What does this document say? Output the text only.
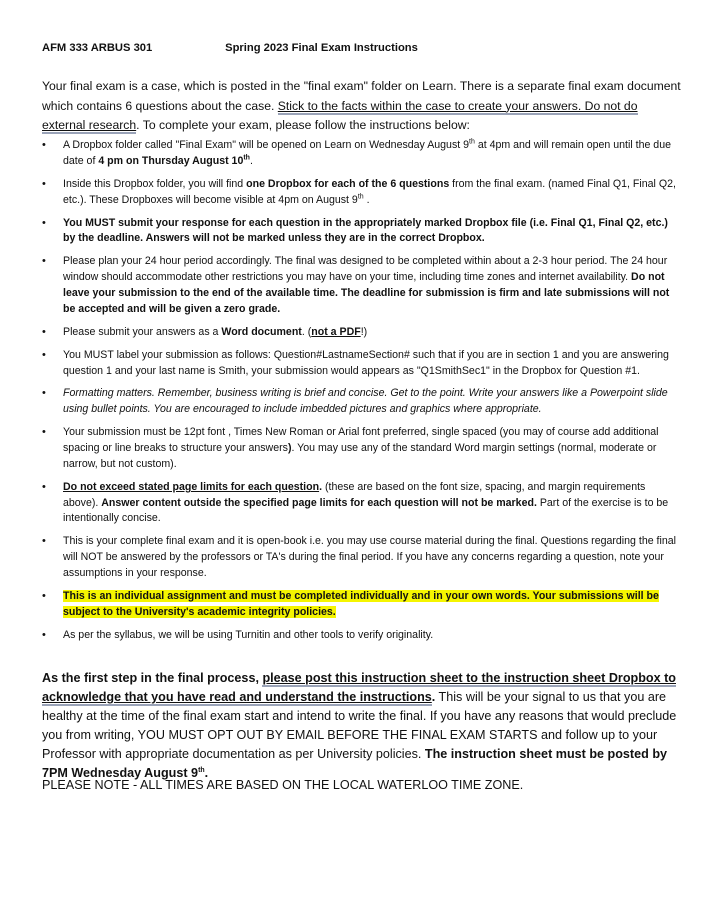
AFM 333 ARBUS 301	Spring 2023 Final Exam Instructions
Your final exam is a case, which is posted in the "final exam" folder on Learn. There is a separate final exam document which contains 6 questions about the case. Stick to the facts within the case to create your answers. Do not do external research. To complete your exam, please follow the instructions below:
• A Dropbox folder called "Final Exam" will be opened on Learn on Wednesday August 9th at 4pm and will remain open until the due date of 4 pm on Thursday August 10th.
• Inside this Dropbox folder, you will find one Dropbox for each of the 6 questions from the final exam. (named Final Q1, Final Q2, etc.). These Dropboxes will become visible at 4pm on August 9th .
• You MUST submit your response for each question in the appropriately marked Dropbox file (i.e. Final Q1, Final Q2, etc.) by the deadline. Answers will not be marked unless they are in the correct Dropbox.
• Please plan your 24 hour period accordingly. The final was designed to be completed within about a 2-3 hour period. The 24 hour window should accommodate other restrictions you may have on your time, including time zones and internet availability. Do not leave your submission to the end of the available time. The deadline for submission is firm and late submissions will not be accepted and will be given a zero grade.
• Please submit your answers as a Word document. (not a PDF!)
• You MUST label your submission as follows: Question#LastnameSection# such that if you are in section 1 and you are answering question 1 and your last name is Smith, your submission would appears as "Q1SmithSec1" in the Dropbox for Question #1.
• Formatting matters. Remember, business writing is brief and concise. Get to the point. Write your answers like a Powerpoint slide using bullet points. You are encouraged to include imbedded pictures and graphics where appropriate.
• Your submission must be 12pt font , Times New Roman or Arial font preferred, single spaced (you may of course add additional spacing or line breaks to structure your answers). You may use any of the standard Word margin settings (normal, moderate or narrow, but not custom).
• Do not exceed stated page limits for each question. (these are based on the font size, spacing, and margin requirements above). Answer content outside the specified page limits for each question will not be marked. Part of the exercise is to be intentionally concise.
• This is your complete final exam and it is open-book i.e. you may use course material during the final. Questions regarding the final will NOT be answered by the professors or TA's during the final period. If you have any concerns regarding a question, note your assumptions in your response.
• This is an individual assignment and must be completed individually and in your own words. Your submissions will be subject to the University's academic integrity policies.
• As per the syllabus, we will be using Turnitin and other tools to verify originality.
As the first step in the final process, please post this instruction sheet to the instruction sheet Dropbox to acknowledge that you have read and understand the instructions. This will be your signal to us that you are healthy at the time of the final exam start and intend to write the final. If you have any reasons that would preclude you from writing, YOU MUST OPT OUT BY EMAIL BEFORE THE FINAL EXAM STARTS and follow up to your Professor with appropriate documentation as per University policies. The instruction sheet must be posted by 7PM Wednesday August 9th.
PLEASE NOTE - ALL TIMES ARE BASED ON THE LOCAL WATERLOO TIME ZONE.
